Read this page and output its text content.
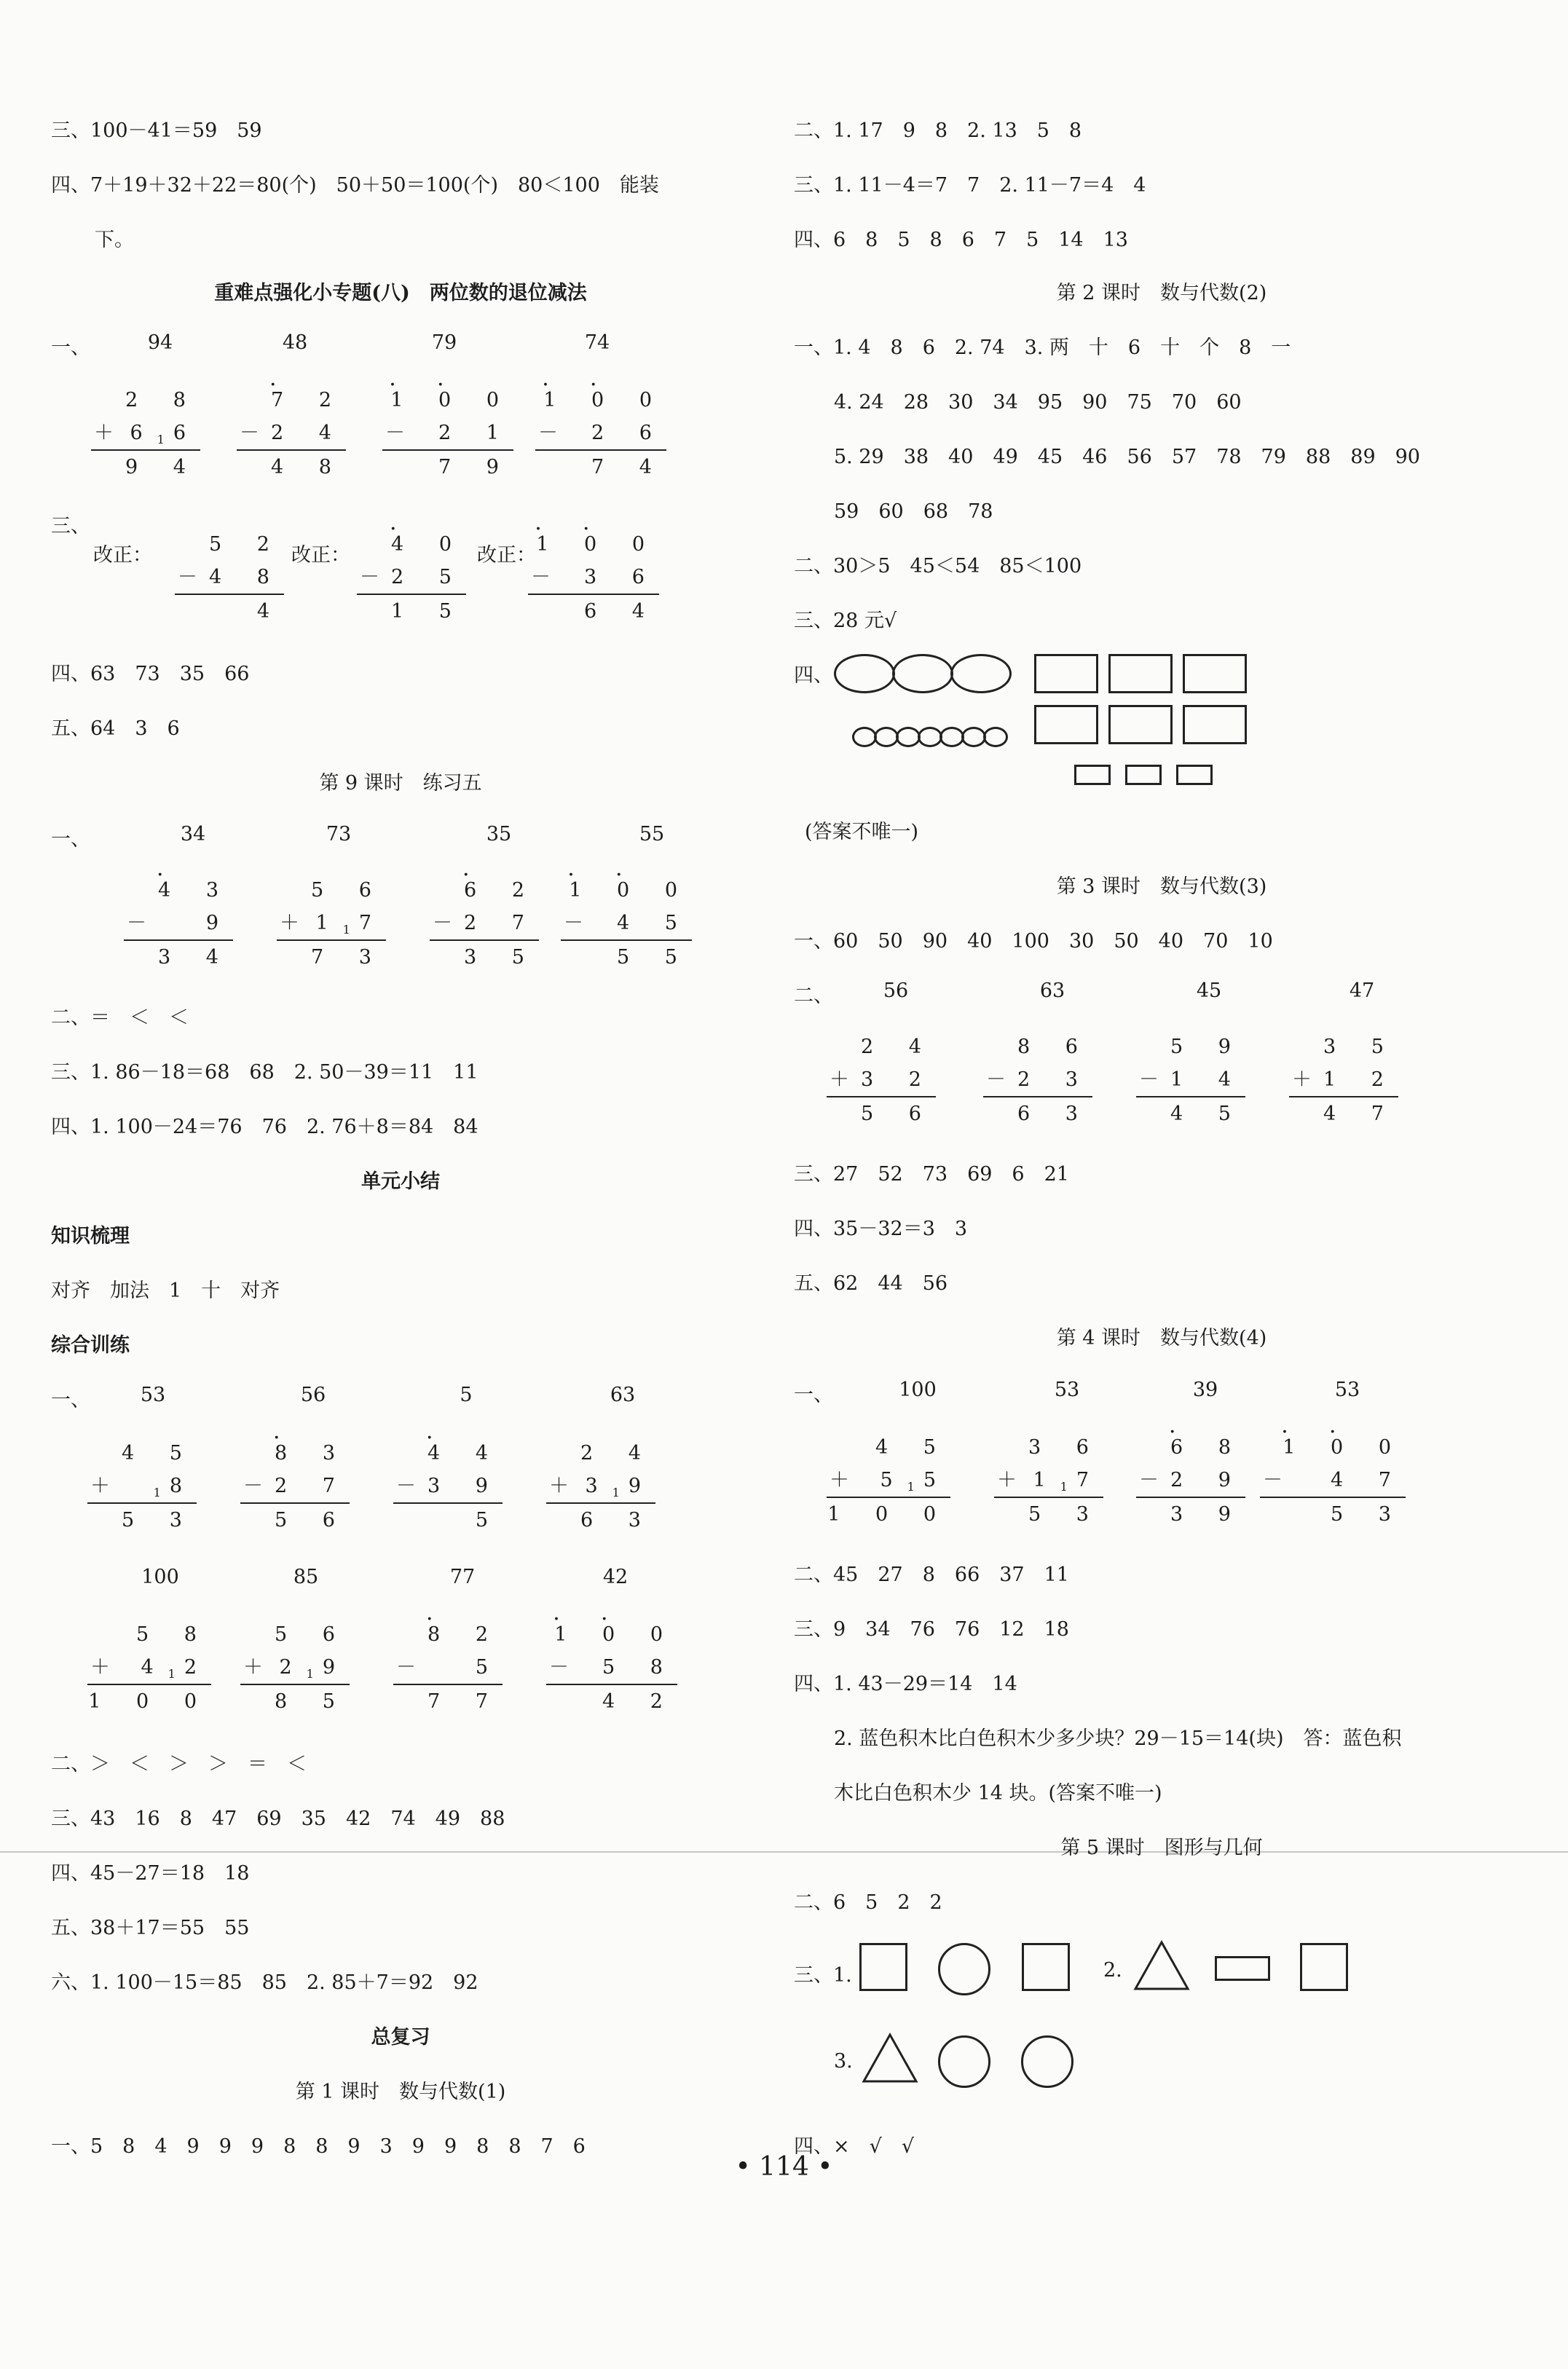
三、100－41＝59　59
四、7＋19＋32＋22＝80(个)　50＋50＝100(个)　80＜100　能装
下。
重难点强化小专题(八)　两位数的退位减法
一、	94	48	79	74
2 8
＋ $6_1$ 6
9 4
7 · 2
－ 2 4
4 8
1 · 0 · 0
－ 2 1
7 9
1 · 0 · 0
－ 2 6
7 4
三、
改正：	改正：	改正：
5 2
－ 4 8
4
4 · 0
－ 2 5
1 5
1 · 0 · 0
－ 3 6
6 4
四、63　73　35　66
五、64　3　6
第 9 课时　练习五
一、	34	73	35	55
4 · 3
－	9
3 4
5 6
＋ $1_1$ 7
7 3
6 · 2
－ 2 7
3 5
1 · 0 · 0
－ 4 5
5 5
二、＝　＜　＜
三、1. 86－18＝68　68　2. 50－39＝11　11
四、1. 100－24＝76　76　2. 76＋8＝84　84
单元小结
知识梳理
对齐　加法　1　十　对齐
综合训练
一、	53	56	5	63
4 5
＋	$_1$ 8
5 3
8 · 3
－ 2 7
5 6
4 · 4
－ 3 9
5
2 4
＋ $3_1$ 9
6 3
100	85	77	42
5 8
＋ $4_1$ 2
1 0 0
5 6
＋ $2_1$ 9
8 5
8 · 2
－	5
7 7
1 · 0 · 0
－ 5 8
4 2
二、＞　＜　＞　＞　＝　＜
三、43　16　8　47　69　35　42　74　49　88
四、45－27＝18　18
五、38＋17＝55　55
六、1. 100－15＝85　85　2. 85＋7＝92　92
总复习
第 1 课时　数与代数(1)
一、5　8　4　9　9　9　8　8　9　3　9　9　8　8　7　6
二、1. 17　9　8　2. 13　5　8
三、1. 11－4＝7　7　2. 11－7＝4　4
四、6　8　5　8　6　7　5　14　13
第 2 课时　数与代数(2)
一、1. 4　8　6　2. 74　3. 两　十　6　十　个　8　一
4. 24　28　30　34　95　90　75　70　60
5. 29　38　40　49　45　46　56　57　78　79　88　89　90
59　60　68　78
二、30＞5　45＜54　85＜100
三、28 元√
四、
(答案不唯一)
第 3 课时　数与代数(3)
一、60　50　90　40　100　30　50　40　70　10
二、	56	63	45	47
2 4
＋ 3 2
5 6
8 6
－ 2 3
6 3
5 9
－ 1 4
4 5
3 5
＋ 1 2
4 7
三、27　52　73　69　6　21
四、35－32＝3　3
五、62　44　56
第 4 课时　数与代数(4)
一、	100	53	39	53
4 5
＋ $5_1$ 5
1 0 0
3 6
＋ $1_1$ 7
5 3
6 · 8
－ 2 9
3 9
1 · 0 · 0
－ 4 7
5 3
二、45　27　8　66　37　11
三、9　34　76　76　12　18
四、1. 43－29＝14　14
2. 蓝色积木比白色积木少多少块？29－15＝14(块)　答：蓝色积
木比白色积木少 14 块。(答案不唯一)
第 5 课时　图形与几何
二、6　5　2　2
三、1.	2.
3.
四、×　√　√
• 114 •
